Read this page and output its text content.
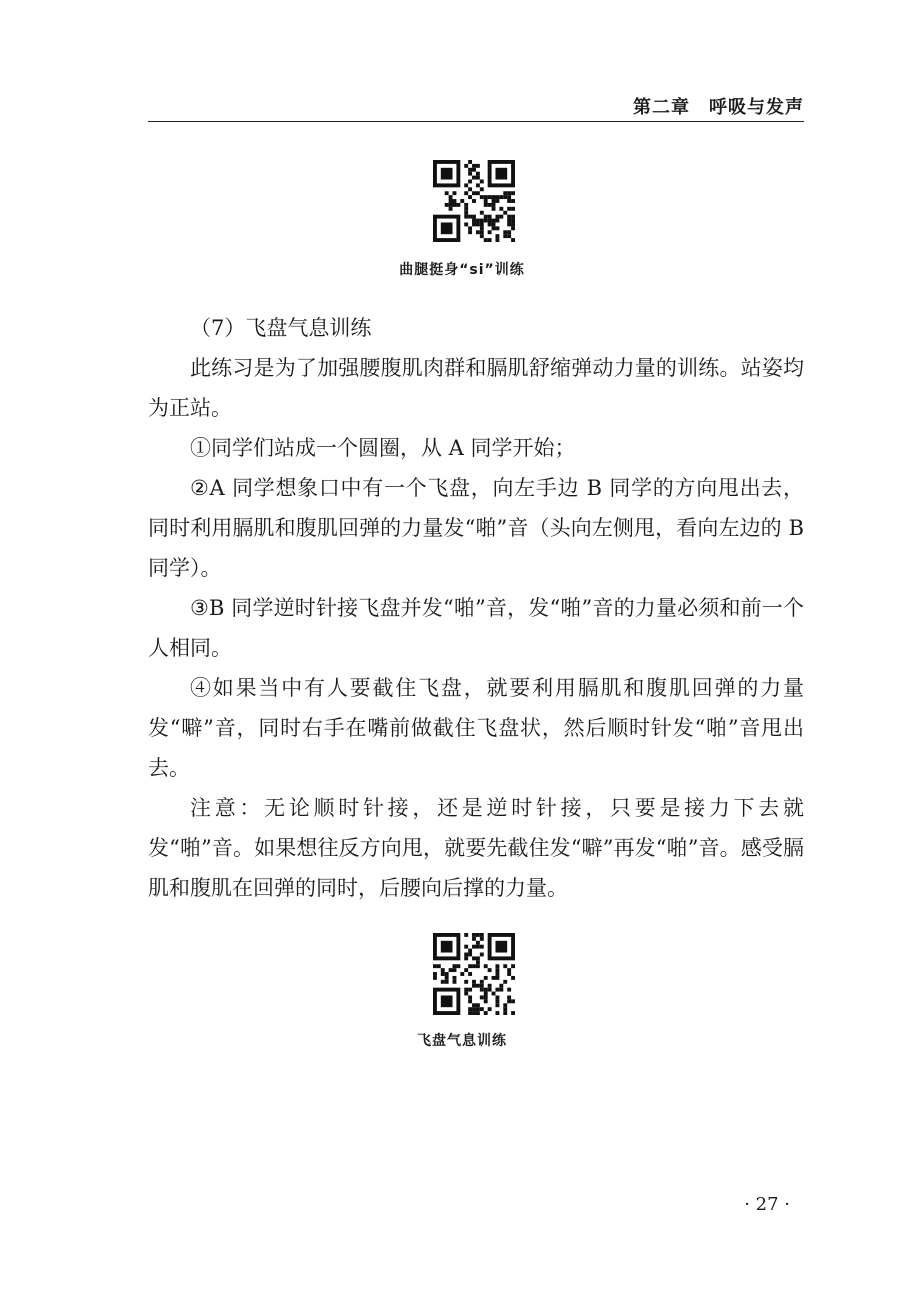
第二章　呼吸与发声
曲腿挺身“si”训练

（7）飞盘气息训练

此练习是为了加强腰腹肌肉群和膈肌舒缩弹动力量的训练。站姿均为正站。

①同学们站成一个圆圈，从 A 同学开始；

②A 同学想象口中有一个飞盘，向左手边 B 同学的方向甩出去，同时利用膈肌和腹肌回弹的力量发“啪”音（头向左侧甩，看向左边的 B 同学）。

③B 同学逆时针接飞盘并发“啪”音，发“啪”音的力量必须和前一个人相同。

④如果当中有人要截住飞盘，就要利用膈肌和腹肌回弹的力量发“噼”音，同时右手在嘴前做截住飞盘状，然后顺时针发“啪”音甩出去。

注意：无论顺时针接，还是逆时针接，只要是接力下去就发“啪”音。如果想往反方向甩，就要先截住发“噼”再发“啪”音。感受膈肌和腹肌在回弹的同时，后腰向后撑的力量。

飞盘气息训练
· 27 ·
